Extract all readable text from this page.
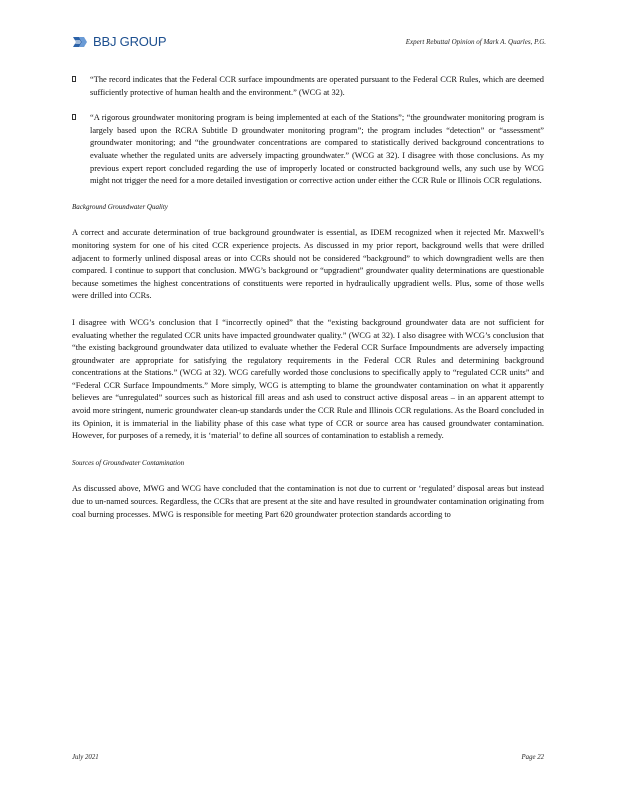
BBJ GROUP	Expert Rebuttal Opinion of Mark A. Quarles, P.G.
“The record indicates that the Federal CCR surface impoundments are operated pursuant to the Federal CCR Rules, which are deemed sufficiently protective of human health and the environment.” (WCG at 32).
“A rigorous groundwater monitoring program is being implemented at each of the Stations”; “the groundwater monitoring program is largely based upon the RCRA Subtitle D groundwater monitoring program”; the program includes “detection” or “assessment” groundwater monitoring; and “the groundwater concentrations are compared to statistically derived background concentrations to evaluate whether the regulated units are adversely impacting groundwater.” (WCG at 32). I disagree with those conclusions. As my previous expert report concluded regarding the use of improperly located or constructed background wells, any such use by WCG might not trigger the need for a more detailed investigation or corrective action under either the CCR Rule or Illinois CCR regulations.
Background Groundwater Quality
A correct and accurate determination of true background groundwater is essential, as IDEM recognized when it rejected Mr. Maxwell’s monitoring system for one of his cited CCR experience projects. As discussed in my prior report, background wells that were drilled adjacent to formerly unlined disposal areas or into CCRs should not be considered “background” to which downgradient wells are then compared. I continue to support that conclusion. MWG’s background or “upgradient” groundwater quality determinations are questionable because sometimes the highest concentrations of constituents were reported in hydraulically upgradient wells. Plus, some of those wells were drilled into CCRs.
I disagree with WCG’s conclusion that I “incorrectly opined” that the “existing background groundwater data are not sufficient for evaluating whether the regulated CCR units have impacted groundwater quality.” (WCG at 32). I also disagree with WCG’s conclusion that “the existing background groundwater data utilized to evaluate whether the Federal CCR Surface Impoundments are adversely impacting groundwater are appropriate for satisfying the regulatory requirements in the Federal CCR Rules and determining background concentrations at the Stations.” (WCG at 32). WCG carefully worded those conclusions to specifically apply to “regulated CCR units” and “Federal CCR Surface Impoundments.” More simply, WCG is attempting to blame the groundwater contamination on what it apparently believes are “unregulated” sources such as historical fill areas and ash used to construct active disposal areas – in an apparent attempt to avoid more stringent, numeric groundwater clean-up standards under the CCR Rule and Illinois CCR regulations. As the Board concluded in its Opinion, it is immaterial in the liability phase of this case what type of CCR or source area has caused groundwater contamination. However, for purposes of a remedy, it is ‘material’ to define all sources of contamination to establish a remedy.
Sources of Groundwater Contamination
As discussed above, MWG and WCG have concluded that the contamination is not due to current or ‘regulated’ disposal areas but instead due to un-named sources. Regardless, the CCRs that are present at the site and have resulted in groundwater contamination originating from coal burning processes. MWG is responsible for meeting Part 620 groundwater protection standards according to
July 2021	Page 22
